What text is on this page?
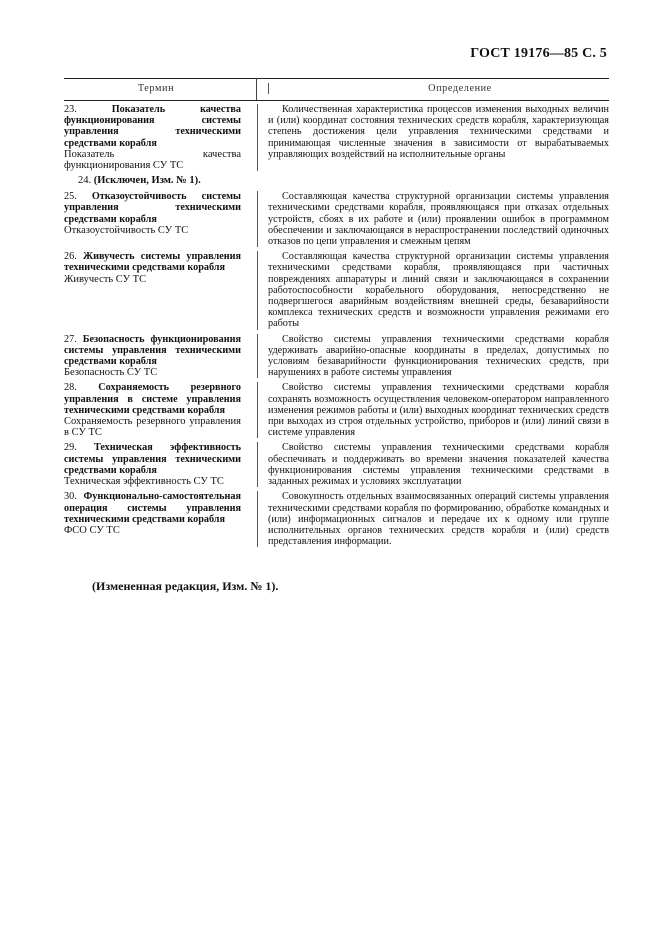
ГОСТ 19176—85 С. 5
Термин	Определение
23.	Показатель качества функционирования системы управления техническими средствами корабля
Показатель качества функционирования СУ ТС
Количественная характеристика процессов изменения выходных величин и (или) координат состояния технических средств корабля, характеризующая степень достижения цели управления техническими средствами и принимающая численные значения в зависимости от вырабатываемых управляющих воздействий на исполнительные органы
24. (Исключен, Изм. № 1).
25. Отказоустойчивость системы управления техническими средствами корабля
Отказоустойчивость СУ ТС
Составляющая качества структурной организации системы управления техническими средствами корабля, проявляющаяся при отказах отдельных устройств, сбоях в их работе и (или) проявлении ошибок в программном обеспечении и заключающаяся в нераспространении последствий одиночных отказов по цепи управления и смежным цепям
26. Живучесть системы управления техническими средствами корабля
Живучесть СУ ТС
Составляющая качества структурной организации системы управления техническими средствами корабля, проявляющаяся при частичных повреждениях аппаратуры и линий связи и заключающаяся в сохранении работоспособности корабельного оборудования, непосредственно не подвергшегося аварийным воздействиям внешней среды, безаварийности комплекса технических средств и возможности управления режимами его работы
27. Безопасность функционирования системы управления техническими средствами корабля
Безопасность СУ ТС
Свойство системы управления техническими средствами корабля удерживать аварийно-опасные координаты в пределах, допустимых по условиям безаварийности функционирования технических средств, при нарушениях в работе системы управления
28. Сохраняемость резервного управления в системе управления техническими средствами корабля
Сохраняемость резервного управления в СУ ТС
Свойство системы управления техническими средствами корабля сохранять возможность осуществления человеком-оператором направленного изменения режимов работы и (или) выходных координат технических средств при выходах из строя отдельных устройство, приборов и (или) линий связи в системе управления
29. Техническая эффективность системы управления техническими средствами корабля
Техническая эффективность СУ ТС
Свойство системы управления техническими средствами корабля обеспечивать и поддерживать во времени значения показателей качества функционирования системы управления техническими средствами в заданных режимах и условиях эксплуатации
30. Функционально-самостоятельная операция системы управления техническими средствами корабля
ФСО СУ ТС
Совокупность отдельных взаимосвязанных операций системы управления техническими средствами корабля по формированию, обработке командных и (или) информационных сигналов и передаче их к одному или группе исполнительных органов технических средств корабля и (или) средств представления информации.
(Измененная редакция, Изм. № 1).
